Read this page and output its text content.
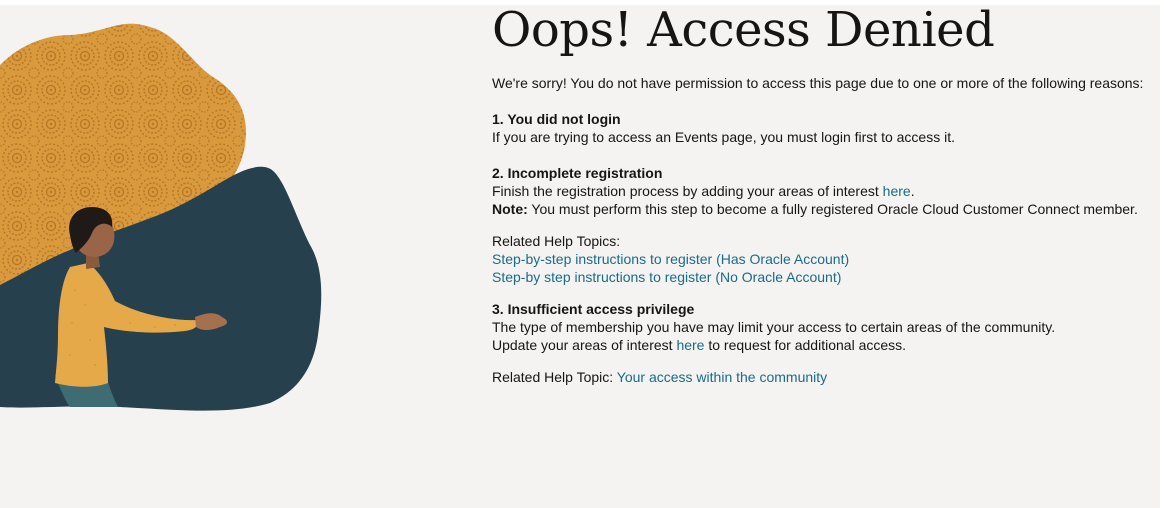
Oops! Access Denied

We're sorry! You do not have permission to access this page due to one or more of the following reasons:

1. You did not login

If you are trying to access an Events page, you must login first to access it.

2. Incomplete registration

Finish the registration process by adding your areas of interest here.

Note: You must perform this step to become a fully registered Oracle Cloud Customer Connect member.

Related Help Topics:

Step-by-step instructions to register (Has Oracle Account)

Step-by step instructions to register (No Oracle Account)

3. Insufficient access privilege

The type of membership you have may limit your access to certain areas of the community.

Update your areas of interest here to request for additional access.

Related Help Topic: Your access within the community
